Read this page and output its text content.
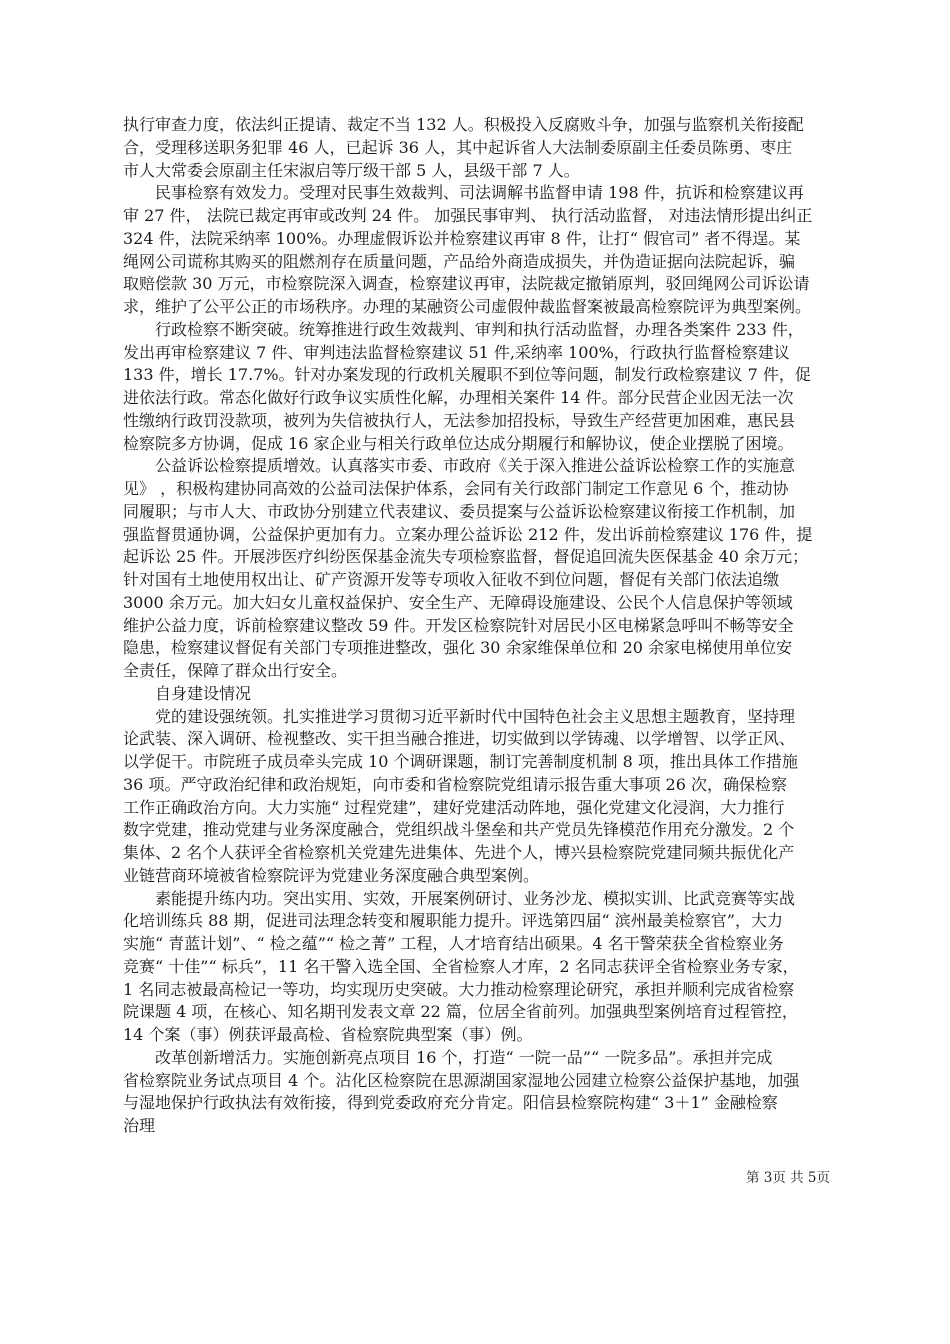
执行审查力度，依法纠正提请、裁定不当 132 人。积极投入反腐败斗争，加强与监察机关衔接配
合，受理移送职务犯罪 46 人，已起诉 36 人，其中起诉省人大法制委原副主任委员陈勇、枣庄
市人大常委会原副主任宋淑启等厅级干部 5 人，县级干部 7 人。
　　民事检察有效发力。受理对民事生效裁判、司法调解书监督申请 198 件，抗诉和检察建议再
审 27 件， 法院已裁定再审或改判 24 件。 加强民事审判、 执行活动监督， 对违法情形提出纠正
324 件，法院采纳率 100%。办理虚假诉讼并检察建议再审 8 件，让打“ 假官司” 者不得逞。某
绳网公司谎称其购买的阻燃剂存在质量问题，产品给外商造成损失，并伪造证据向法院起诉，骗
取赔偿款 30 万元，市检察院深入调查，检察建议再审，法院裁定撤销原判，驳回绳网公司诉讼请
求，维护了公平公正的市场秩序。办理的某融资公司虚假仲裁监督案被最高检察院评为典型案例。
　　行政检察不断突破。统筹推进行政生效裁判、审判和执行活动监督，办理各类案件 233 件，
发出再审检察建议 7 件、审判违法监督检察建议 51 件,采纳率 100%，行政执行监督检察建议
133 件，增长 17.7%。针对办案发现的行政机关履职不到位等问题，制发行政检察建议 7 件，促
进依法行政。常态化做好行政争议实质性化解，办理相关案件 14 件。部分民营企业因无法一次
性缴纳行政罚没款项，被列为失信被执行人，无法参加招投标，导致生产经营更加困难，惠民县
检察院多方协调，促成 16 家企业与相关行政单位达成分期履行和解协议，使企业摆脱了困境。
　　公益诉讼检察提质增效。认真落实市委、市政府《关于深入推进公益诉讼检察工作的实施意
见》 ，积极构建协同高效的公益司法保护体系，会同有关行政部门制定工作意见 6 个，推动协
同履职；与市人大、市政协分别建立代表建议、委员提案与公益诉讼检察建议衔接工作机制，加
强监督贯通协调，公益保护更加有力。立案办理公益诉讼 212 件，发出诉前检察建议 176 件，提
起诉讼 25 件。开展涉医疗纠纷医保基金流失专项检察监督，督促追回流失医保基金 40 余万元；
针对国有土地使用权出让、矿产资源开发等专项收入征收不到位问题，督促有关部门依法追缴
3000 余万元。加大妇女儿童权益保护、安全生产、无障碍设施建设、公民个人信息保护等领域
维护公益力度，诉前检察建议整改 59 件。开发区检察院针对居民小区电梯紧急呼叫不畅等安全
隐患，检察建议督促有关部门专项推进整改，强化 30 余家维保单位和 20 余家电梯使用单位安
全责任，保障了群众出行安全。
　　自身建设情况
　　党的建设强统领。扎实推进学习贯彻习近平新时代中国特色社会主义思想主题教育，坚持理
论武装、深入调研、检视整改、实干担当融合推进，切实做到以学铸魂、以学增智、以学正风、
以学促干。市院班子成员牵头完成 10 个调研课题，制订完善制度机制 8 项，推出具体工作措施
36 项。严守政治纪律和政治规矩，向市委和省检察院党组请示报告重大事项 26 次，确保检察
工作正确政治方向。大力实施“ 过程党建”，建好党建活动阵地，强化党建文化浸润，大力推行
数字党建，推动党建与业务深度融合，党组织战斗堡垒和共产党员先锋模范作用充分激发。2 个
集体、2 名个人获评全省检察机关党建先进集体、先进个人，博兴县检察院党建同频共振优化产
业链营商环境被省检察院评为党建业务深度融合典型案例。
　　素能提升练内功。突出实用、实效，开展案例研讨、业务沙龙、模拟实训、比武竞赛等实战
化培训练兵 88 期，促进司法理念转变和履职能力提升。评选第四届“ 滨州最美检察官”，大力
实施“ 青蓝计划”、“ 检之蕴”“ 检之菁” 工程，人才培育结出硕果。4 名干警荣获全省检察业务
竞赛“ 十佳”“ 标兵”，11 名干警入选全国、全省检察人才库，2 名同志获评全省检察业务专家，
1 名同志被最高检记一等功，均实现历史突破。大力推动检察理论研究，承担并顺利完成省检察
院课题 4 项，在核心、知名期刊发表文章 22 篇，位居全省前列。加强典型案例培育过程管控，
14 个案（事）例获评最高检、省检察院典型案（事）例。
　　改革创新增活力。实施创新亮点项目 16 个，打造“ 一院一品”“ 一院多品”。承担并完成
省检察院业务试点项目 4 个。沾化区检察院在思源湖国家湿地公园建立检察公益保护基地，加强
与湿地保护行政执法有效衔接，得到党委政府充分肯定。阳信县检察院构建“ 3＋1” 金融检察
治理
第 3页 共 5页
